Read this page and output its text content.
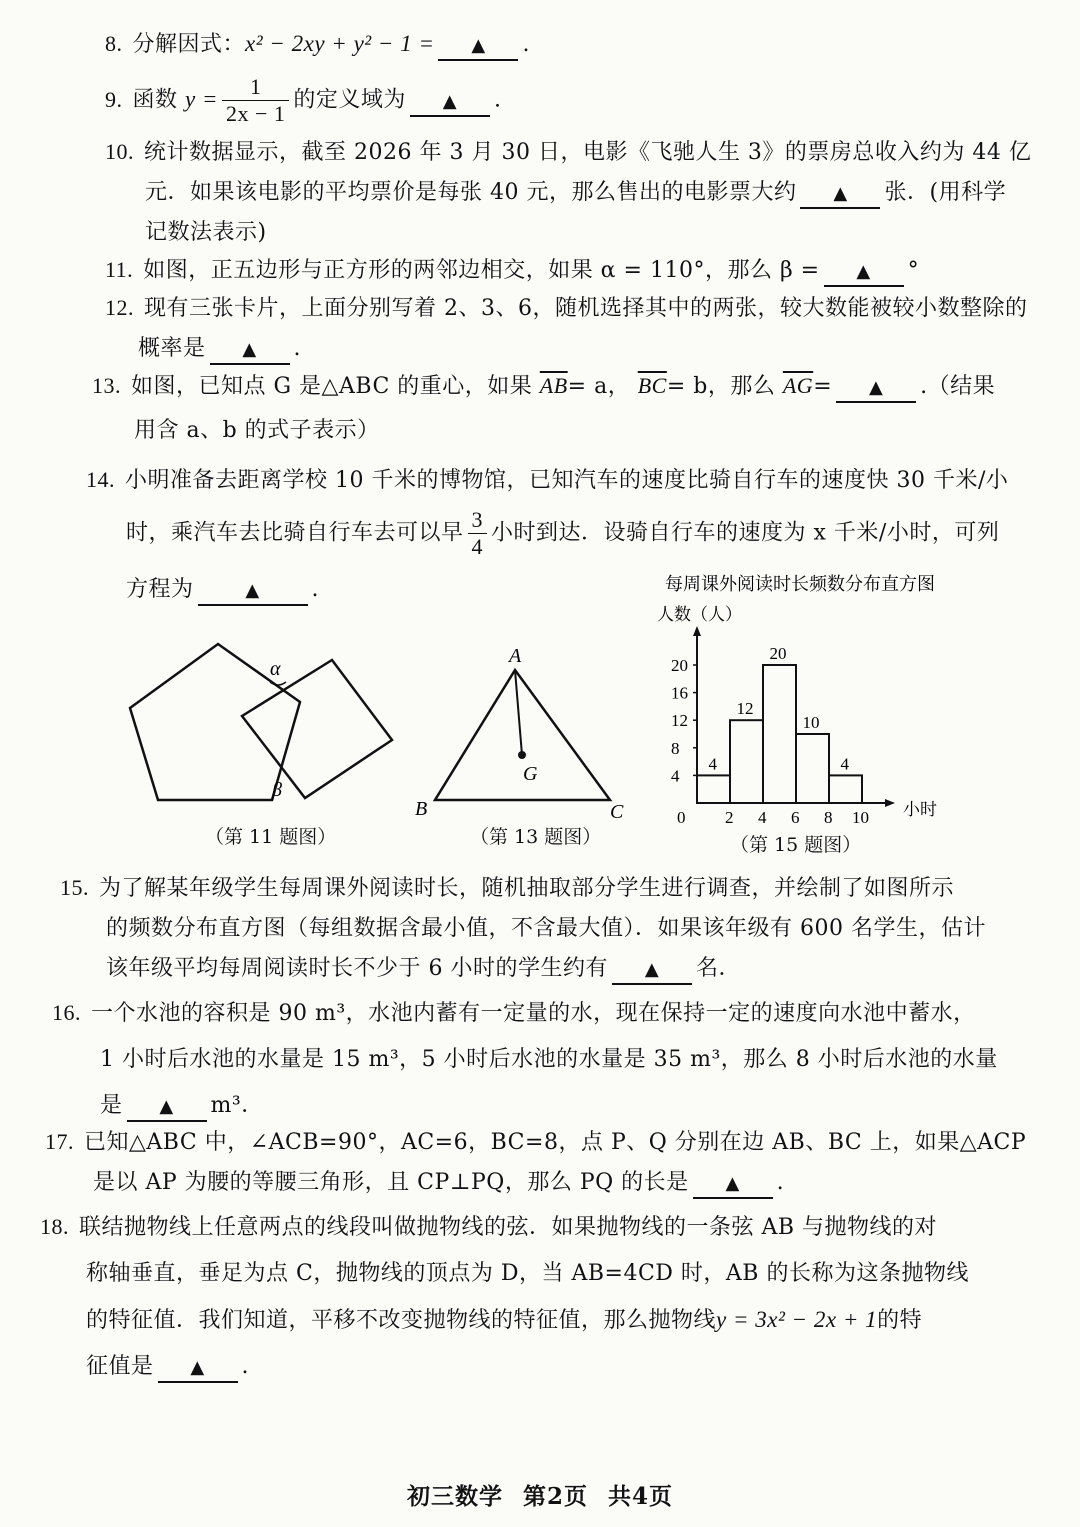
8. 分解因式：x² − 2xy + y² − 1 = ▲ .
9. 函数 $y = \frac{1}{2x - 1}$ 的定义域为 ▲ .
10. 统计数据显示，截至 2026 年 3 月 30 日，电影《飞驰人生 3》的票房总收入约为 44 亿
元．如果该电影的平均票价是每张 40 元，那么售出的电影票大约 ▲ 张．(用科学
记数法表示)
11. 如图，正五边形与正方形的两邻边相交，如果 α = 110°，那么 β = ▲ °
12. 现有三张卡片，上面分别写着 2、3、6，随机选择其中的两张，较大数能被较小数整除的
概率是 ▲ .
13. 如图，已知点 G 是△ABC 的重心，如果 $\overline{AB}= a$， $\overline{BC}= b$，那么 $\overline{AG}=$ ▲ .（结果
用含 a、b 的式子表示）
14. 小明准备去距离学校 10 千米的博物馆，已知汽车的速度比骑自行车的速度快 30 千米/小
时，乘汽车去比骑自行车去可以早 $\frac{3}{4}$ 小时到达．设骑自行车的速度为 x 千米/小时，可列
方程为	▲ .
α
β
（第 11 题图）
A
B	C
G
（第 13 题图）
每周课外阅读时长频数分布直方图
人数（人）
小时
4
12
20
10
4
4
8
12
16
20
0 2 4 6 8 10
（第 15 题图）
15. 为了解某年级学生每周课外阅读时长，随机抽取部分学生进行调查，并绘制了如图所示
的频数分布直方图（每组数据含最小值，不含最大值）．如果该年级有 600 名学生，估计
该年级平均每周阅读时长不少于 6 小时的学生约有 ▲ 名．
16. 一个水池的容积是 90 m³，水池内蓄有一定量的水，现在保持一定的速度向水池中蓄水，
1 小时后水池的水量是 15 m³，5 小时后水池的水量是 35 m³，那么 8 小时后水池的水量
是 ▲ m³．
17. 已知△ABC 中，∠ACB=90°，AC=6，BC=8，点 P、Q 分别在边 AB、BC 上，如果△ACP
是以 AP 为腰的等腰三角形，且 CP⊥PQ，那么 PQ 的长是 ▲ .
18. 联结抛物线上任意两点的线段叫做抛物线的弦．如果抛物线的一条弦 AB 与抛物线的对
称轴垂直，垂足为点 C，抛物线的顶点为 D，当 AB=4CD 时，AB 的长称为这条抛物线
的特征值．我们知道，平移不改变抛物线的特征值，那么抛物线y = 3x² − 2x + 1的特
征值是 ▲ .
初三数学 第2页 共4页
